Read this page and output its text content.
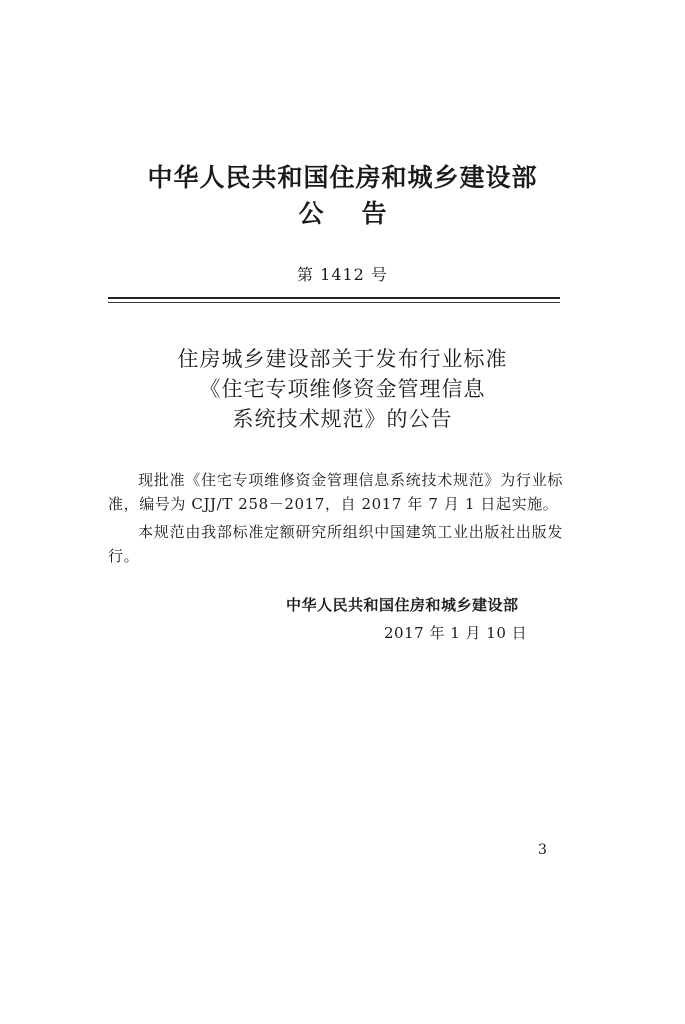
中华人民共和国住房和城乡建设部
公告
第 1412 号
住房城乡建设部关于发布行业标准
《住宅专项维修资金管理信息
系统技术规范》的公告
现批准《住宅专项维修资金管理信息系统技术规范》为行业标准，编号为 CJJ/T 258－2017，自 2017 年 7 月 1 日起实施。
本规范由我部标准定额研究所组织中国建筑工业出版社出版发行。
中华人民共和国住房和城乡建设部
2017 年 1 月 10 日
3
